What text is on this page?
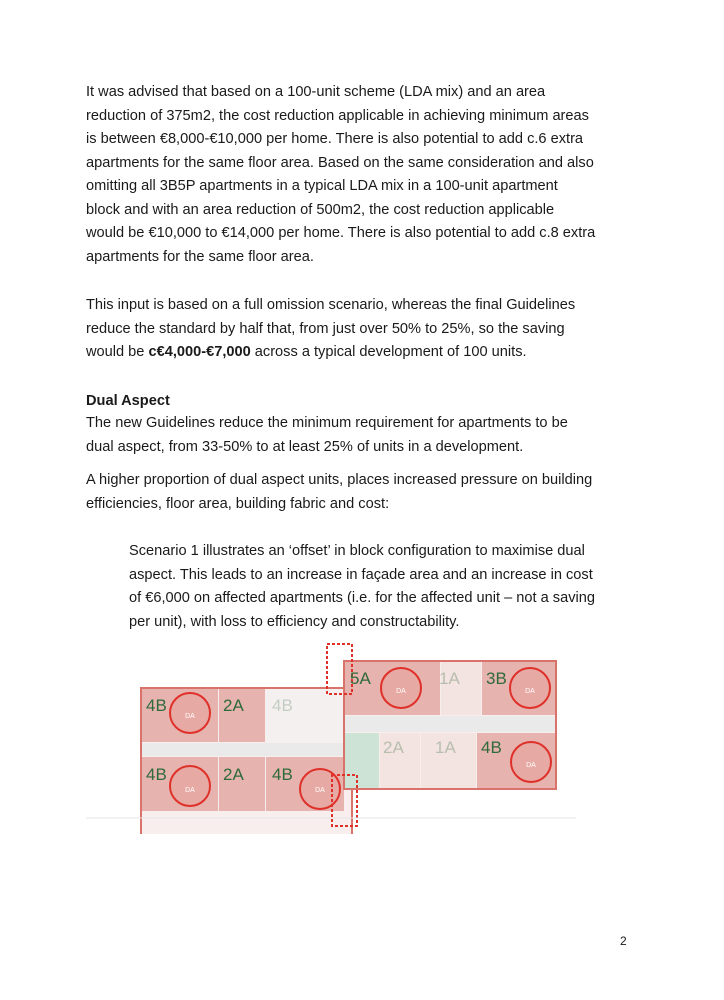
It was advised that based on a 100-unit scheme (LDA mix) and an area
reduction of 375m2, the cost reduction applicable in achieving minimum areas
is between €8,000-€10,000 per home. There is also potential to add c.6 extra
apartments for the same floor area. Based on the same consideration and also
omitting all 3B5P apartments in a typical LDA mix in a 100-unit apartment
block and with an area reduction of 500m2, the cost reduction applicable
would be €10,000 to €14,000 per home. There is also potential to add c.8 extra
apartments for the same floor area.
This input is based on a full omission scenario, whereas the final Guidelines
reduce the standard by half that, from just over 50% to 25%, so the saving
would be c€4,000-€7,000 across a typical development of 100 units.
Dual Aspect
The new Guidelines reduce the minimum requirement for apartments to be
dual aspect, from 33-50% to at least 25% of units in a development.
A higher proportion of dual aspect units, places increased pressure on building
efficiencies, floor area, building fabric and cost:
Scenario 1 illustrates an ‘offset’ in block configuration to maximise dual
aspect. This leads to an increase in façade area and an increase in cost
of €6,000 on affected apartments (i.e. for the affected unit – not a saving
per unit), with loss to efficiency and constructability.
4B	2A 4B
4B	2A 4B
5A	1A 3B
2A 1A 4B
DA
DA	DA
DA	DA
DA
2
